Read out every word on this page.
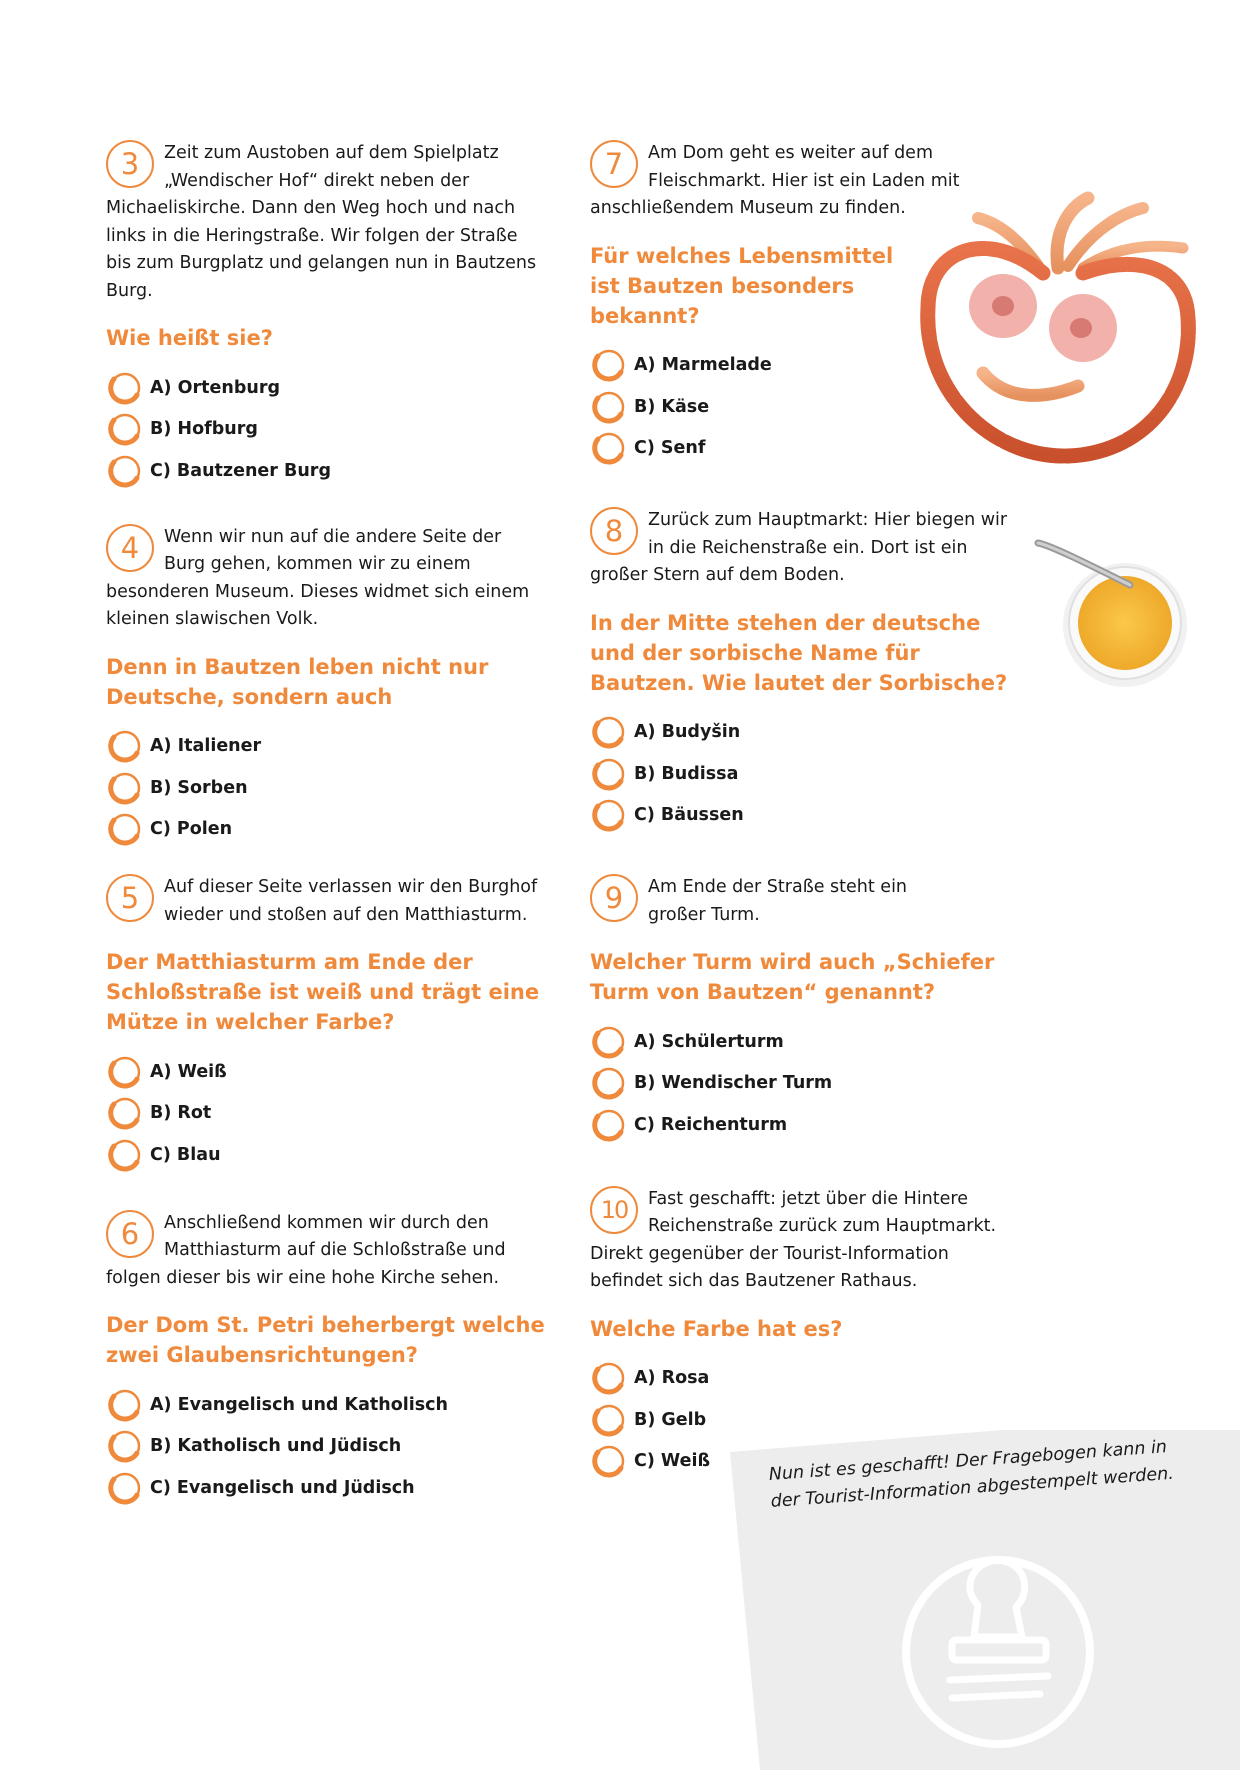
3	Zeit zum Austoben auf dem Spielplatz „Wendischer Hof“ direkt neben der Michaeliskirche. Dann den Weg hoch und nach links in die Heringstraße. Wir folgen der Straße bis zum Burgplatz und gelangen nun in Bautzens Burg.

Wie heißt sie?

A) Ortenburg
B) Hofburg
C) Bautzener Burg

4	Wenn wir nun auf die andere Seite der Burg gehen, kommen wir zu einem besonderen Museum. Dieses widmet sich einem kleinen slawischen Volk.

Denn in Bautzen leben nicht nur Deutsche, sondern auch

A) Italiener
B) Sorben
C) Polen

5	Auf dieser Seite verlassen wir den Burghof wieder und stoßen auf den Matthiasturm.

Der Matthiasturm am Ende der Schloßstraße ist weiß und trägt eine Mütze in welcher Farbe?

A) Weiß
B) Rot
C) Blau

6	Anschließend kommen wir durch den Matthiasturm auf die Schloßstraße und folgen dieser bis wir eine hohe Kirche sehen.

Der Dom St. Petri beherbergt welche zwei Glaubensrichtungen?

A) Evangelisch und Katholisch
B) Katholisch und Jüdisch
C) Evangelisch und Jüdisch

7	Am Dom geht es weiter auf dem Fleischmarkt. Hier ist ein Laden mit anschließendem Museum zu finden.

Für welches Lebensmittel ist Bautzen besonders bekannt?

A) Marmelade
B) Käse
C) Senf

8	Zurück zum Hauptmarkt: Hier biegen wir in die Reichenstraße ein. Dort ist ein großer Stern auf dem Boden.

In der Mitte stehen der deutsche und der sorbische Name für Bautzen. Wie lautet der Sorbische?

A) Budyšin
B) Budissa
C) Bäussen

9	Am Ende der Straße steht ein großer Turm.

Welcher Turm wird auch „Schiefer Turm von Bautzen“ genannt?

A) Schülerturm
B) Wendischer Turm
C) Reichenturm

10	Fast geschafft: jetzt über die Hintere Reichenstraße zurück zum Hauptmarkt. Direkt gegenüber der Tourist-Information befindet sich das Bautzener Rathaus.

Welche Farbe hat es?

A) Rosa
B) Gelb
C) Weiß	Nun ist es geschafft! Der Fragebogen kann in der Tourist-Information abgestempelt werden.
